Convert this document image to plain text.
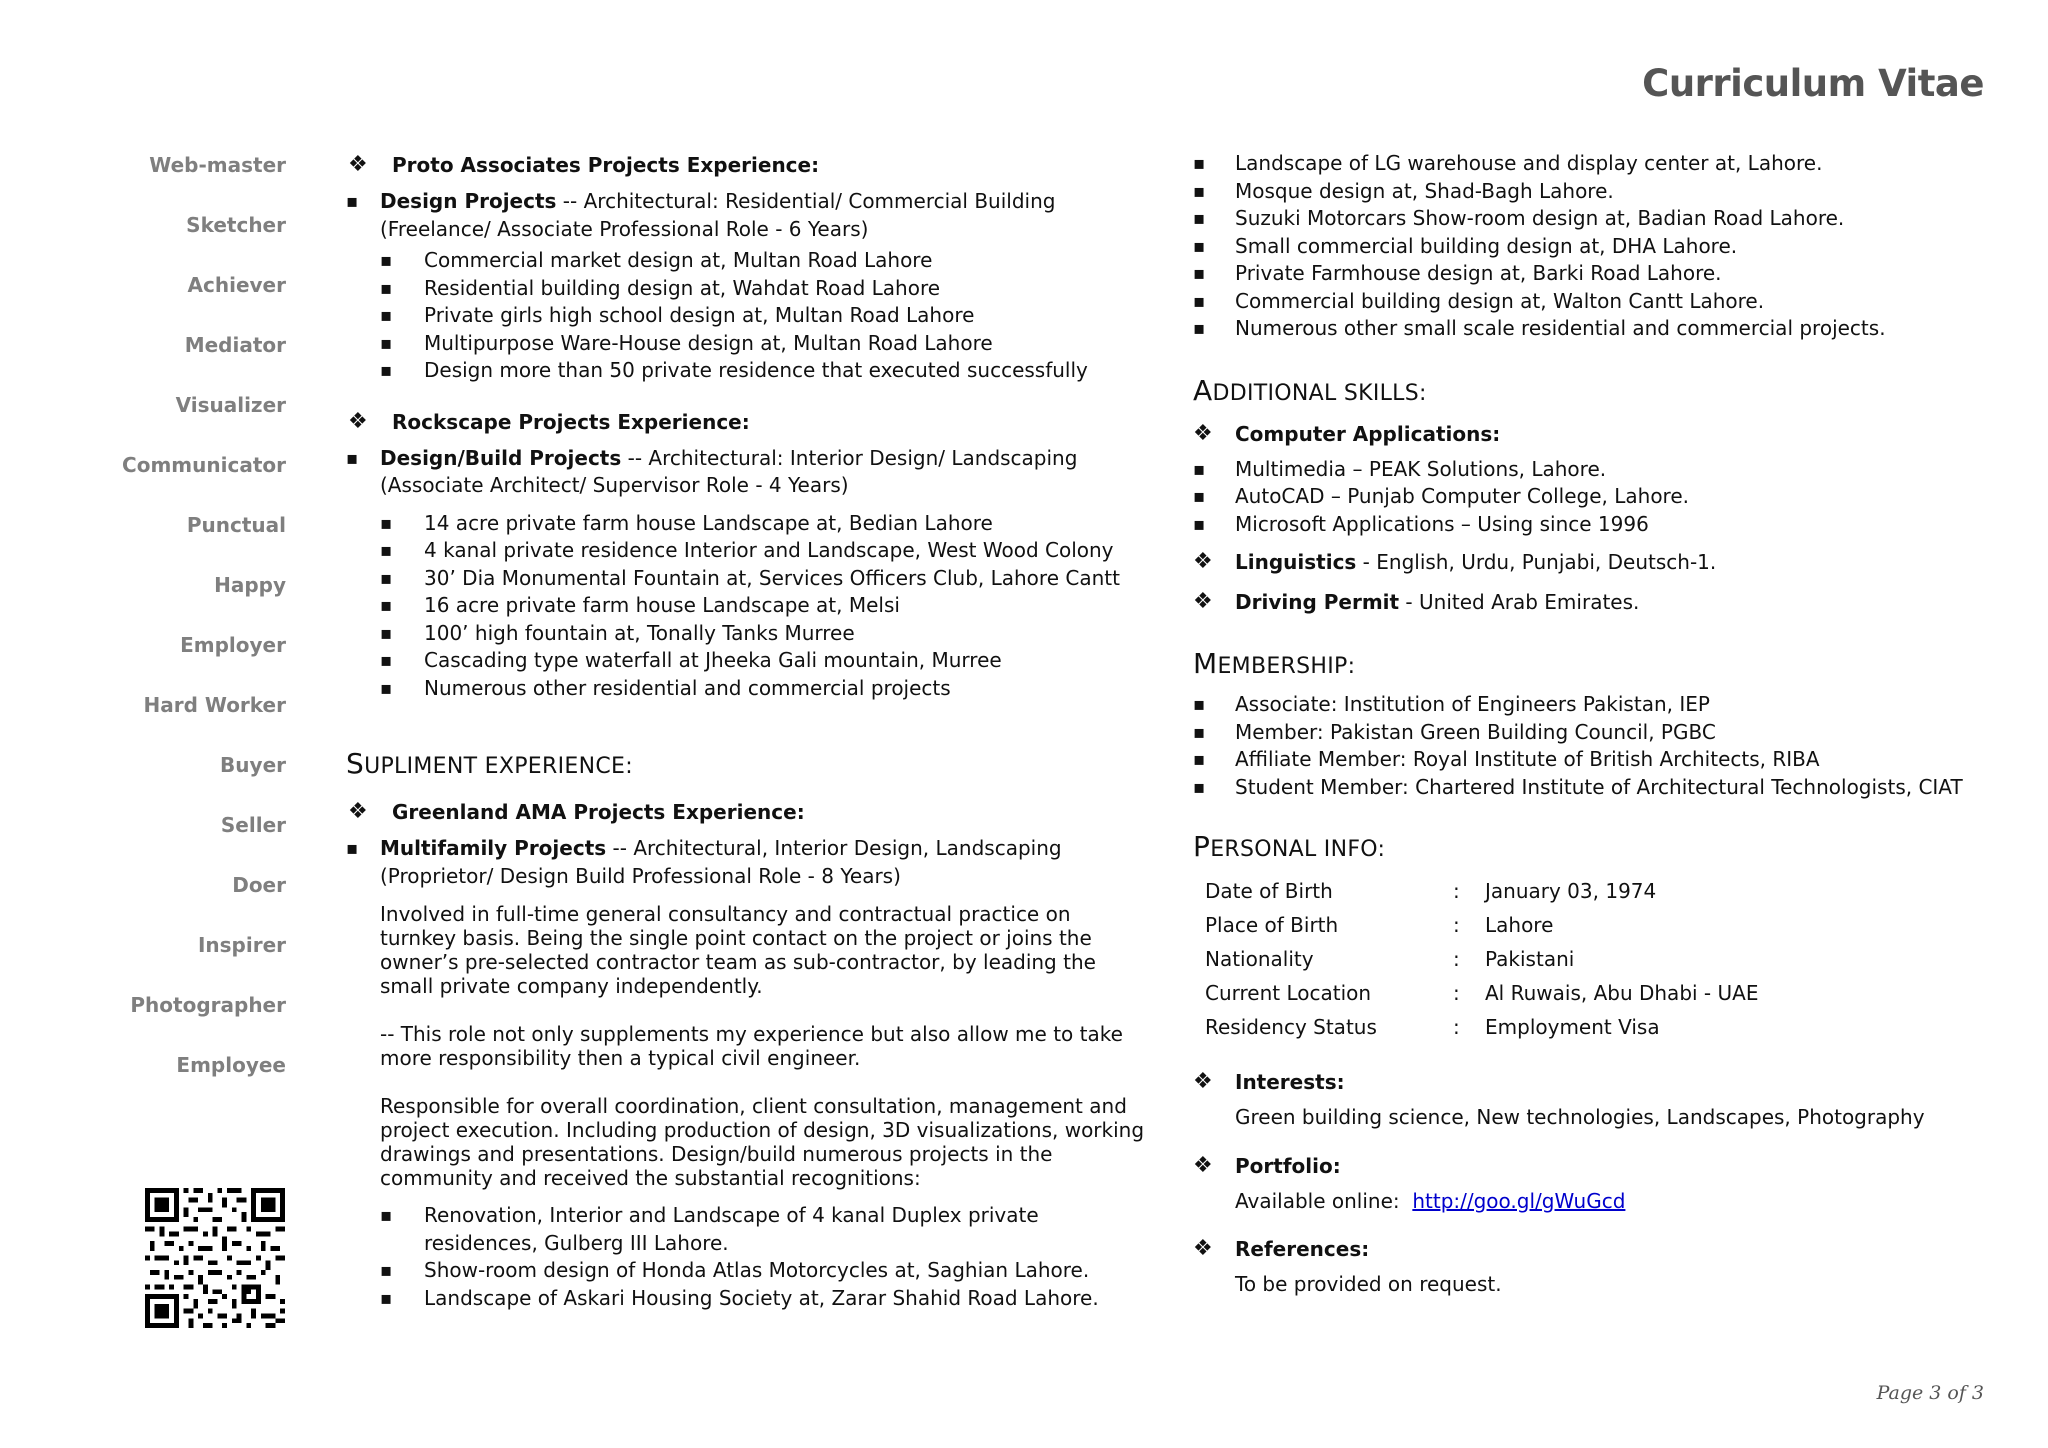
Curriculum Vitae
Web-master
Sketcher
Achiever
Mediator
Visualizer
Communicator
Punctual
Happy
Employer
Hard Worker
Buyer
Seller
Doer
Inspirer
Photographer
Employee
❖ Proto Associates Projects Experience:
▪ Design Projects -- Architectural: Residential/ Commercial Building
(Freelance/ Associate Professional Role - 6 Years)
▪ Commercial market design at, Multan Road Lahore
▪ Residential building design at, Wahdat Road Lahore
▪ Private girls high school design at, Multan Road Lahore
▪ Multipurpose Ware-House design at, Multan Road Lahore
▪ Design more than 50 private residence that executed successfully
❖ Rockscape Projects Experience:
▪ Design/Build Projects -- Architectural: Interior Design/ Landscaping
(Associate Architect/ Supervisor Role - 4 Years)
▪ 14 acre private farm house Landscape at, Bedian Lahore
▪ 4 kanal private residence Interior and Landscape, West Wood Colony
▪ 30’ Dia Monumental Fountain at, Services Officers Club, Lahore Cantt
▪ 16 acre private farm house Landscape at, Melsi
▪ 100’ high fountain at, Tonally Tanks Murree
▪ Cascading type waterfall at Jheeka Gali mountain, Murree
▪ Numerous other residential and commercial projects
SUPLIMENT EXPERIENCE:
❖ Greenland AMA Projects Experience:
▪ Multifamily Projects -- Architectural, Interior Design, Landscaping
(Proprietor/ Design Build Professional Role - 8 Years)
Involved in full-time general consultancy and contractual practice on turnkey basis. Being the single point contact on the project or joins the owner’s pre-selected contractor team as sub-contractor, by leading the small private company independently.
-- This role not only supplements my experience but also allow me to take more responsibility then a typical civil engineer.
Responsible for overall coordination, client consultation, management and project execution. Including production of design, 3D visualizations, working drawings and presentations. Design/build numerous projects in the community and received the substantial recognitions:
▪ Renovation, Interior and Landscape of 4 kanal Duplex private residences, Gulberg III Lahore.
▪ Show-room design of Honda Atlas Motorcycles at, Saghian Lahore.
▪ Landscape of Askari Housing Society at, Zarar Shahid Road Lahore.
▪ Landscape of LG warehouse and display center at, Lahore.
▪ Mosque design at, Shad-Bagh Lahore.
▪ Suzuki Motorcars Show-room design at, Badian Road Lahore.
▪ Small commercial building design at, DHA Lahore.
▪ Private Farmhouse design at, Barki Road Lahore.
▪ Commercial building design at, Walton Cantt Lahore.
▪ Numerous other small scale residential and commercial projects.
ADDITIONAL SKILLS:
❖ Computer Applications:
▪ Multimedia – PEAK Solutions, Lahore.
▪ AutoCAD – Punjab Computer College, Lahore.
▪ Microsoft Applications – Using since 1996
❖ Linguistics - English, Urdu, Punjabi, Deutsch-1.
❖ Driving Permit - United Arab Emirates.
MEMBERSHIP:
▪ Associate: Institution of Engineers Pakistan, IEP
▪ Member: Pakistan Green Building Council, PGBC
▪ Affiliate Member: Royal Institute of British Architects, RIBA
▪ Student Member: Chartered Institute of Architectural Technologists, CIAT
PERSONAL INFO:
Date of Birth	:	January 03, 1974
Place of Birth	:	Lahore
Nationality	:	Pakistani
Current Location	:	Al Ruwais, Abu Dhabi - UAE
Residency Status	:	Employment Visa
❖ Interests:
Green building science, New technologies, Landscapes, Photography
❖ Portfolio:
Available online:  http://goo.gl/gWuGcd
❖ References:
To be provided on request.
Page 3 of 3
